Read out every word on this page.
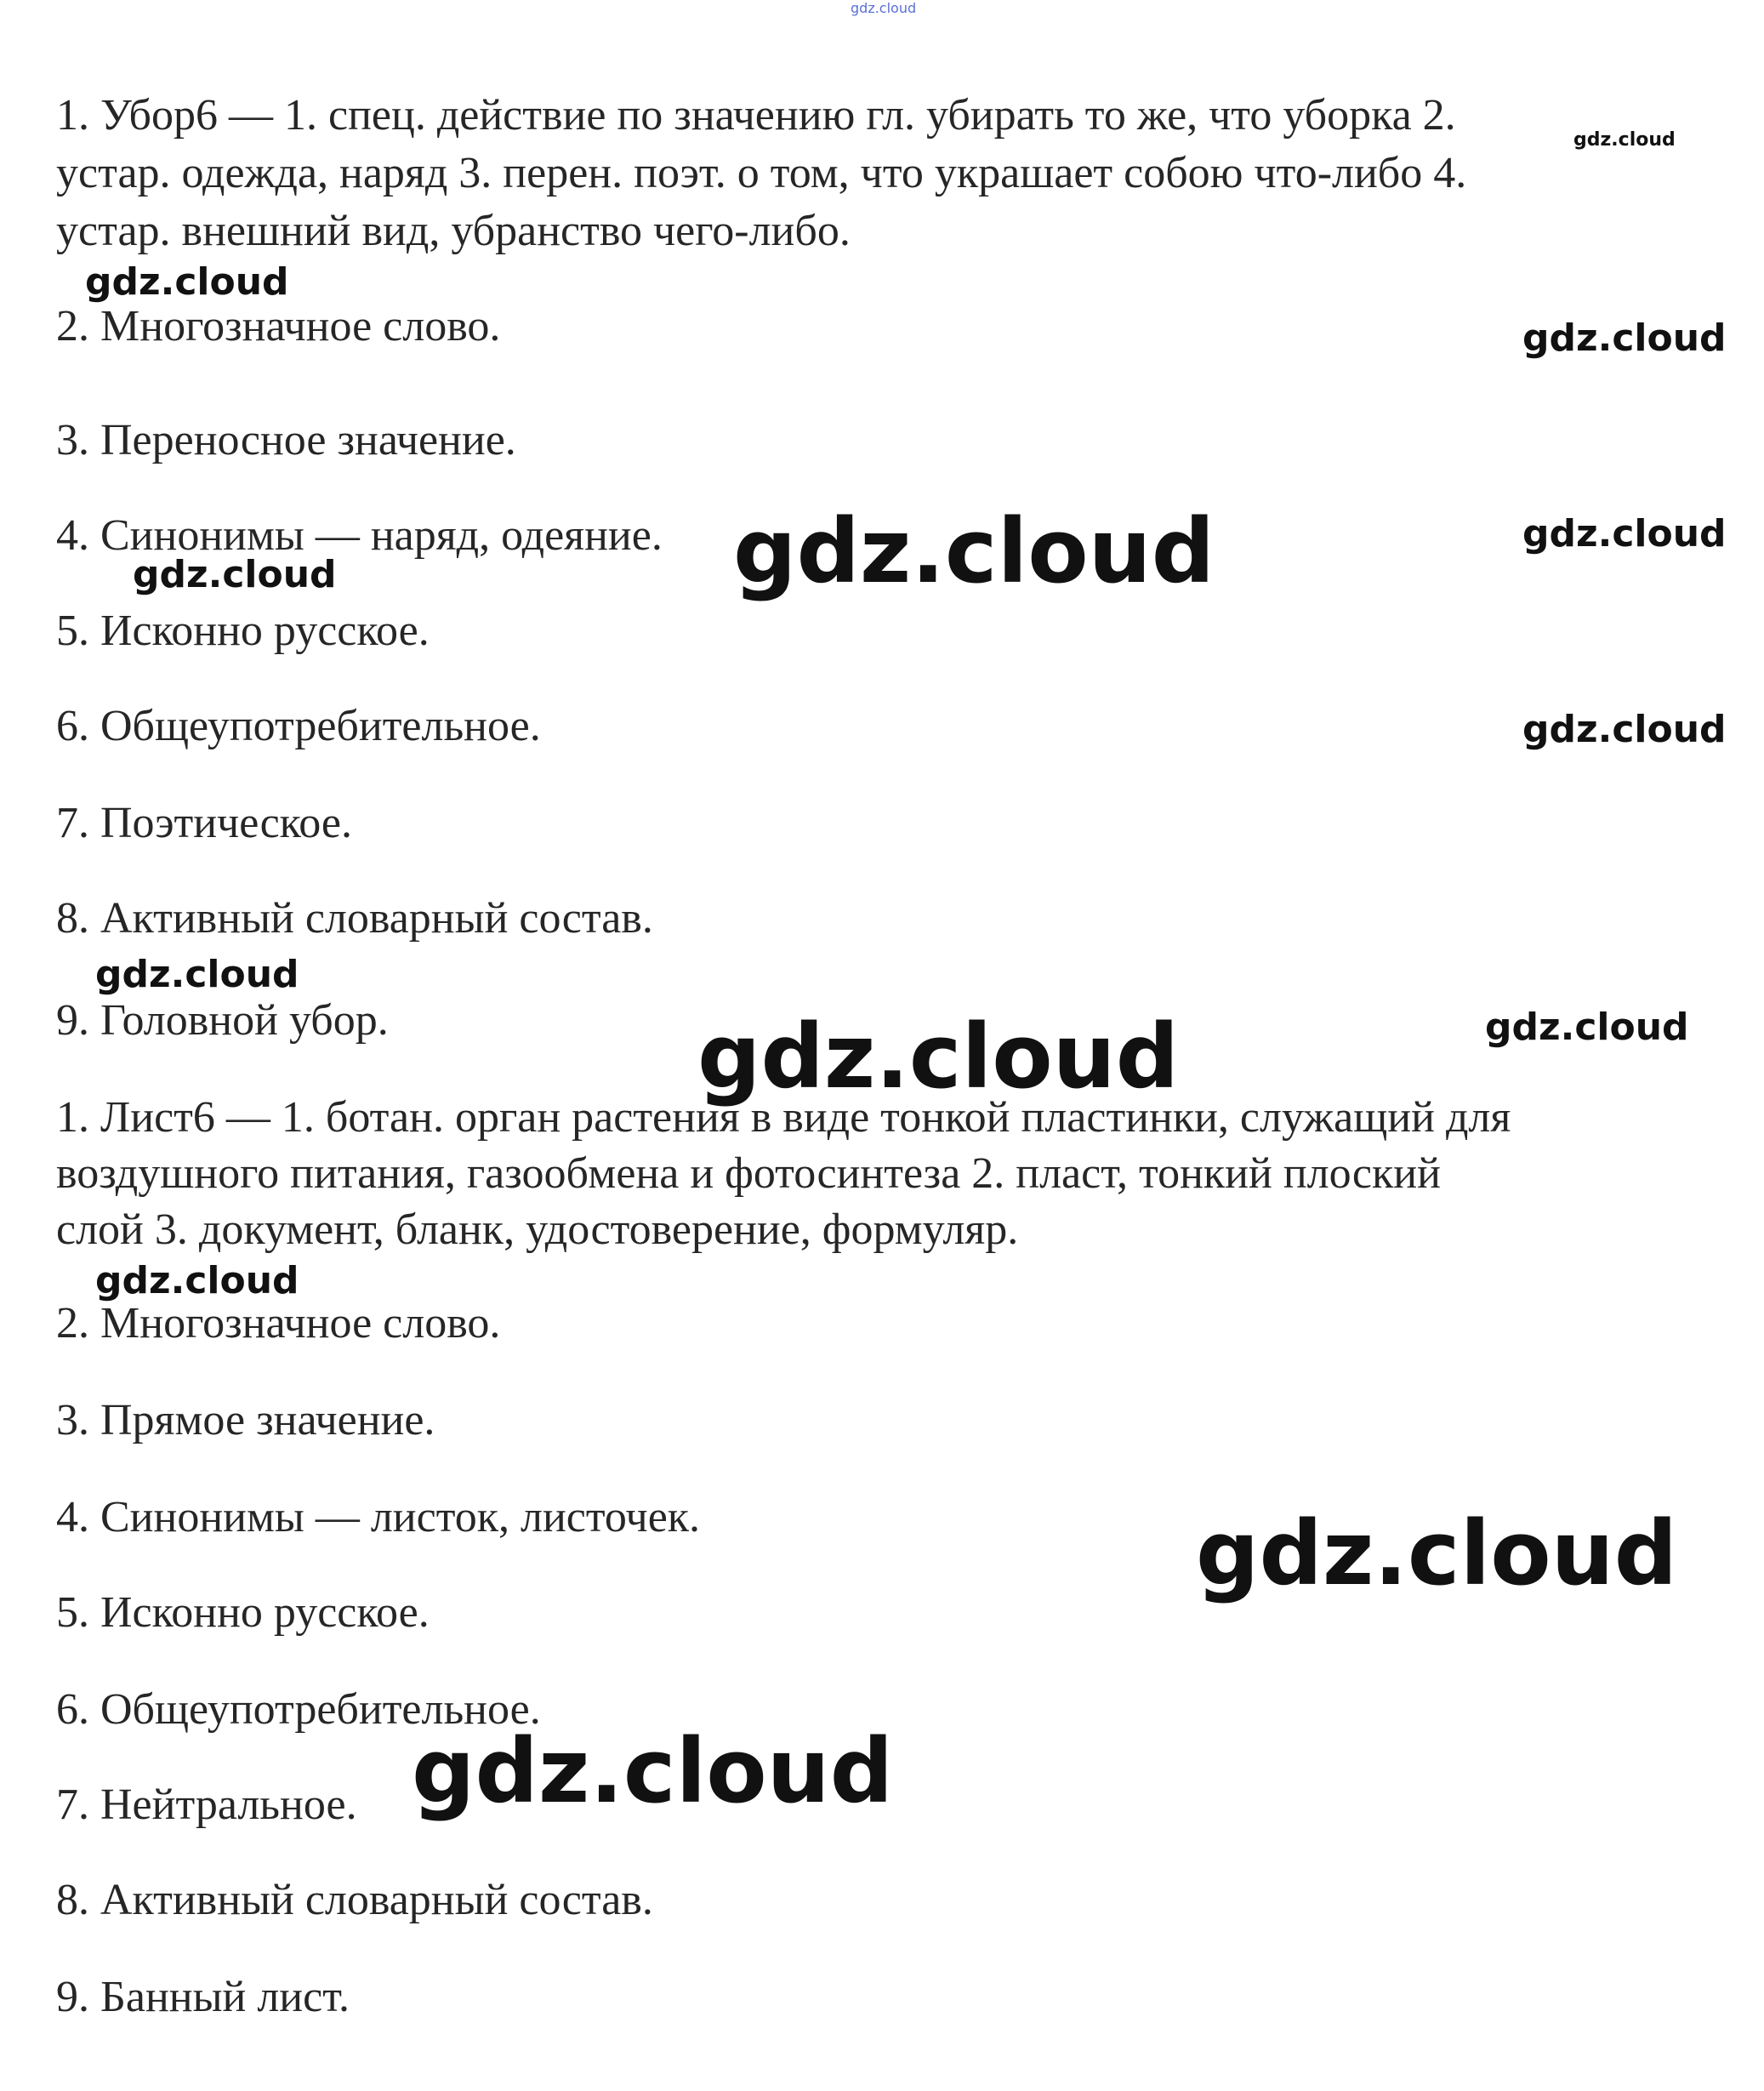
gdz.cloud
1. Убор6 — 1. спец. действие по значению гл. убирать то же, что уборка 2.
устар. одежда, наряд 3. перен. поэт. о том, что украшает собою что-либо 4.
устар. внешний вид, убранство чего-либо.
2. Многозначное слово.
3. Переносное значение.
4. Синонимы — наряд, одеяние.
5. Исконно русское.
6. Общеупотребительное.
7. Поэтическое.
8. Активный словарный состав.
9. Головной убор.
1. Лист6 — 1. ботан. орган растения в виде тонкой пластинки, служащий для
воздушного питания, газообмена и фотосинтеза 2. пласт, тонкий плоский
слой 3. документ, бланк, удостоверение, формуляр.
2. Многозначное слово.
3. Прямое значение.
4. Синонимы — листок, листочек.
5. Исконно русское.
6. Общеупотребительное.
7. Нейтральное.
8. Активный словарный состав.
9. Банный лист.
gdz.cloud
gdz.cloud
gdz.cloud
gdz.cloud
gdz.cloud
gdz.cloud
gdz.cloud
gdz.cloud
gdz.cloud
gdz.cloud
gdz.cloud
gdz.cloud
gdz.cloud
